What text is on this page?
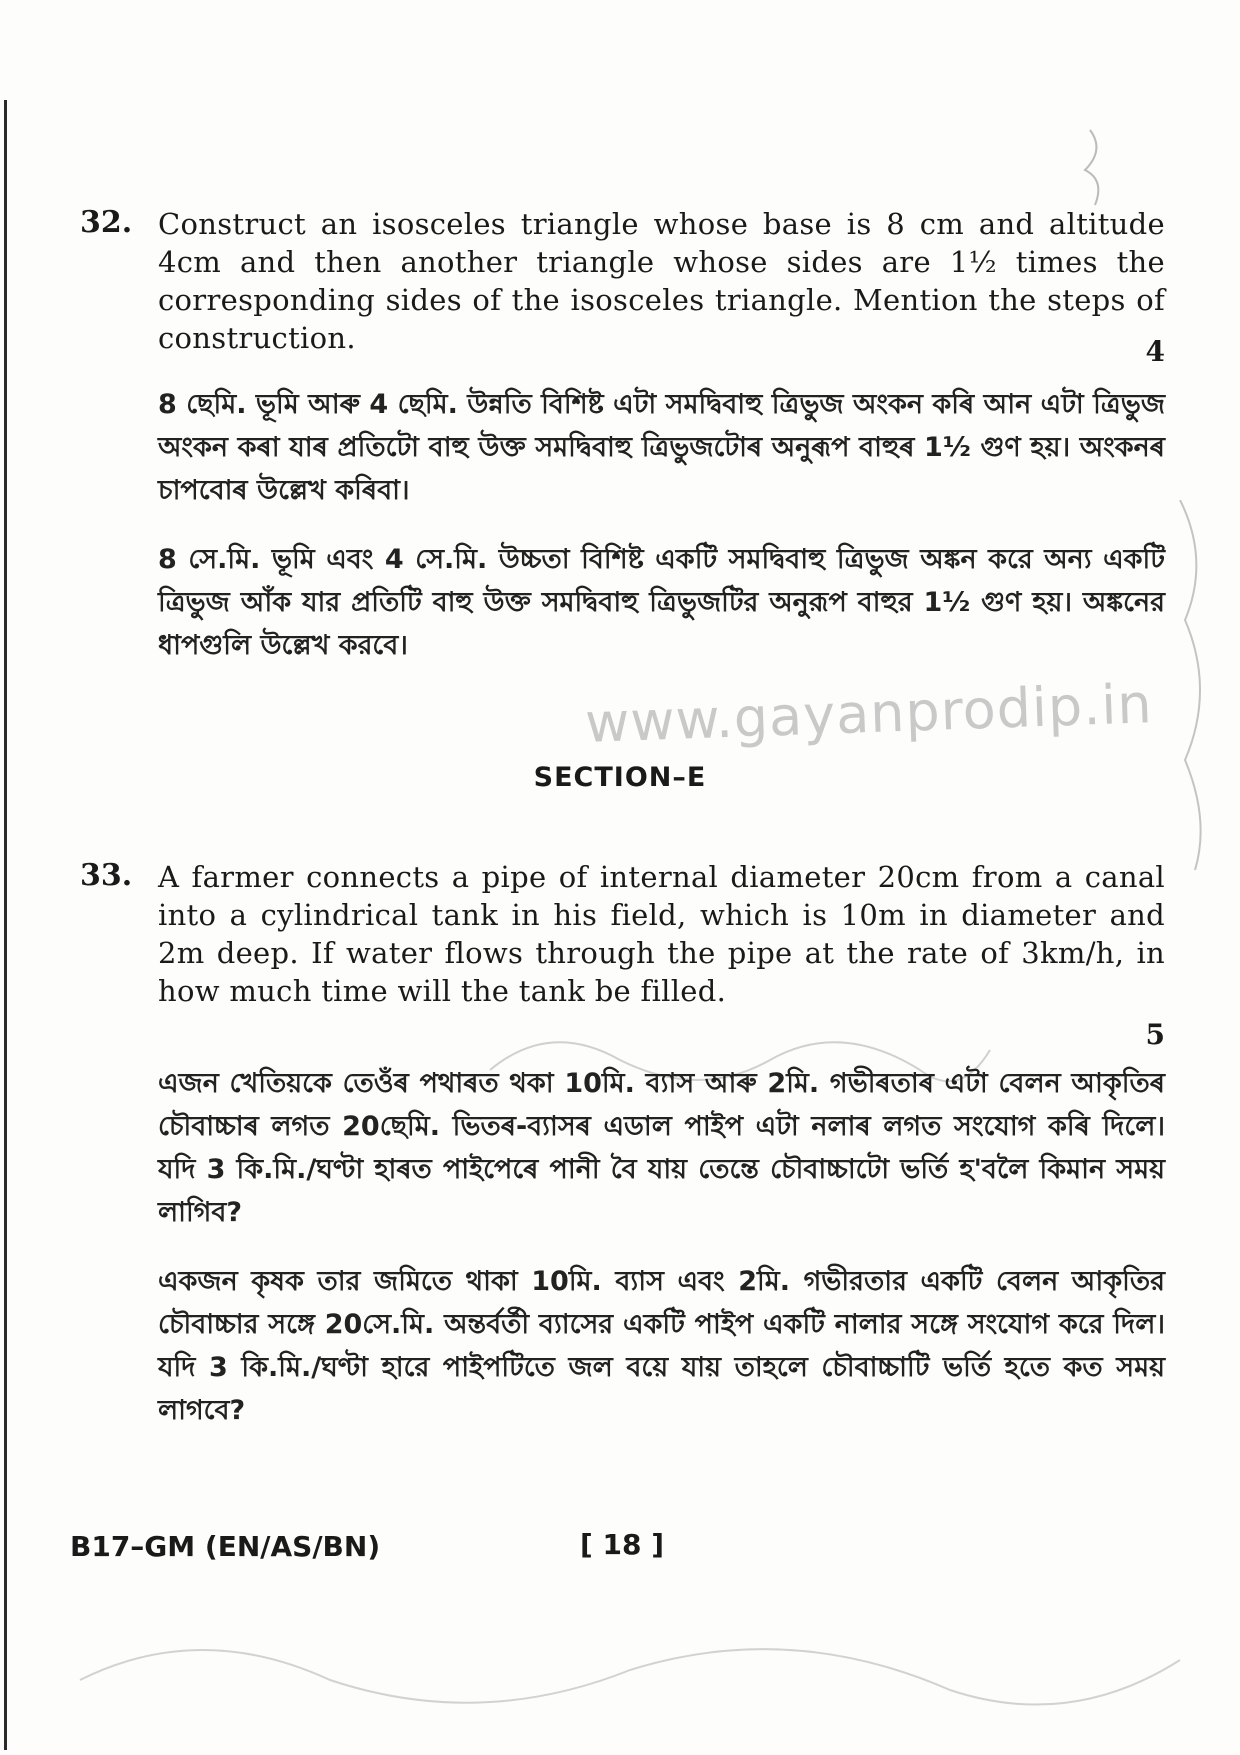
32. Construct an isosceles triangle whose base is 8 cm and altitude 4cm and then another triangle whose sides are 1½ times the corresponding sides of the isosceles triangle. Mention the steps of construction.	4
8 ছেমি. ভূমি আৰু 4 ছেমি. উন্নতি বিশিষ্ট এটা সমদ্বিবাহু ত্ৰিভুজ অংকন কৰি আন এটা ত্ৰিভুজ অংকন কৰা যাৰ প্ৰতিটো বাহু উক্ত সমদ্বিবাহু ত্ৰিভুজটোৰ অনুৰূপ বাহুৰ 1½ গুণ হয়। অংকনৰ চাপবোৰ উল্লেখ কৰিবা।
8 সে.মি. ভূমি এবং 4 সে.মি. উচ্চতা বিশিষ্ট একটি সমদ্বিবাহু ত্রিভুজ অঙ্কন করে অন্য একটি ত্রিভুজ আঁক যার প্রতিটি বাহু উক্ত সমদ্বিবাহু ত্রিভুজটির অনুরূপ বাহুর 1½ গুণ হয়। অঙ্কনের ধাপগুলি উল্লেখ করবে।
www.gayanprodip.in
SECTION–E
33. A farmer connects a pipe of internal diameter 20cm from a canal into a cylindrical tank in his field, which is 10m in diameter and 2m deep. If water flows through the pipe at the rate of 3km/h, in how much time will the tank be filled.
5
এজন খেতিয়কে তেওঁৰ পথাৰত থকা 10মি. ব্যাস আৰু 2মি. গভীৰতাৰ এটা বেলন আকৃতিৰ চৌবাচ্চাৰ লগত 20ছেমি. ভিতৰ-ব্যাসৰ এডাল পাইপ এটা নলাৰ লগত সংযোগ কৰি দিলে। যদি 3 কি.মি./ঘণ্টা হাৰত পাইপেৰে পানী বৈ যায় তেন্তে চৌবাচ্চাটো ভৰ্তি হ'বলৈ কিমান সময় লাগিব?
একজন কৃষক তার জমিতে থাকা 10মি. ব্যাস এবং 2মি. গভীরতার একটি বেলন আকৃতির চৌবাচ্চার সঙ্গে 20সে.মি. অন্তর্বর্তী ব্যাসের একটি পাইপ একটি নালার সঙ্গে সংযোগ করে দিল। যদি 3 কি.মি./ঘণ্টা হারে পাইপটিতে জল বয়ে যায় তাহলে চৌবাচ্চাটি ভর্তি হতে কত সময় লাগবে?
B17–GM (EN/AS/BN)	[ 18 ]
